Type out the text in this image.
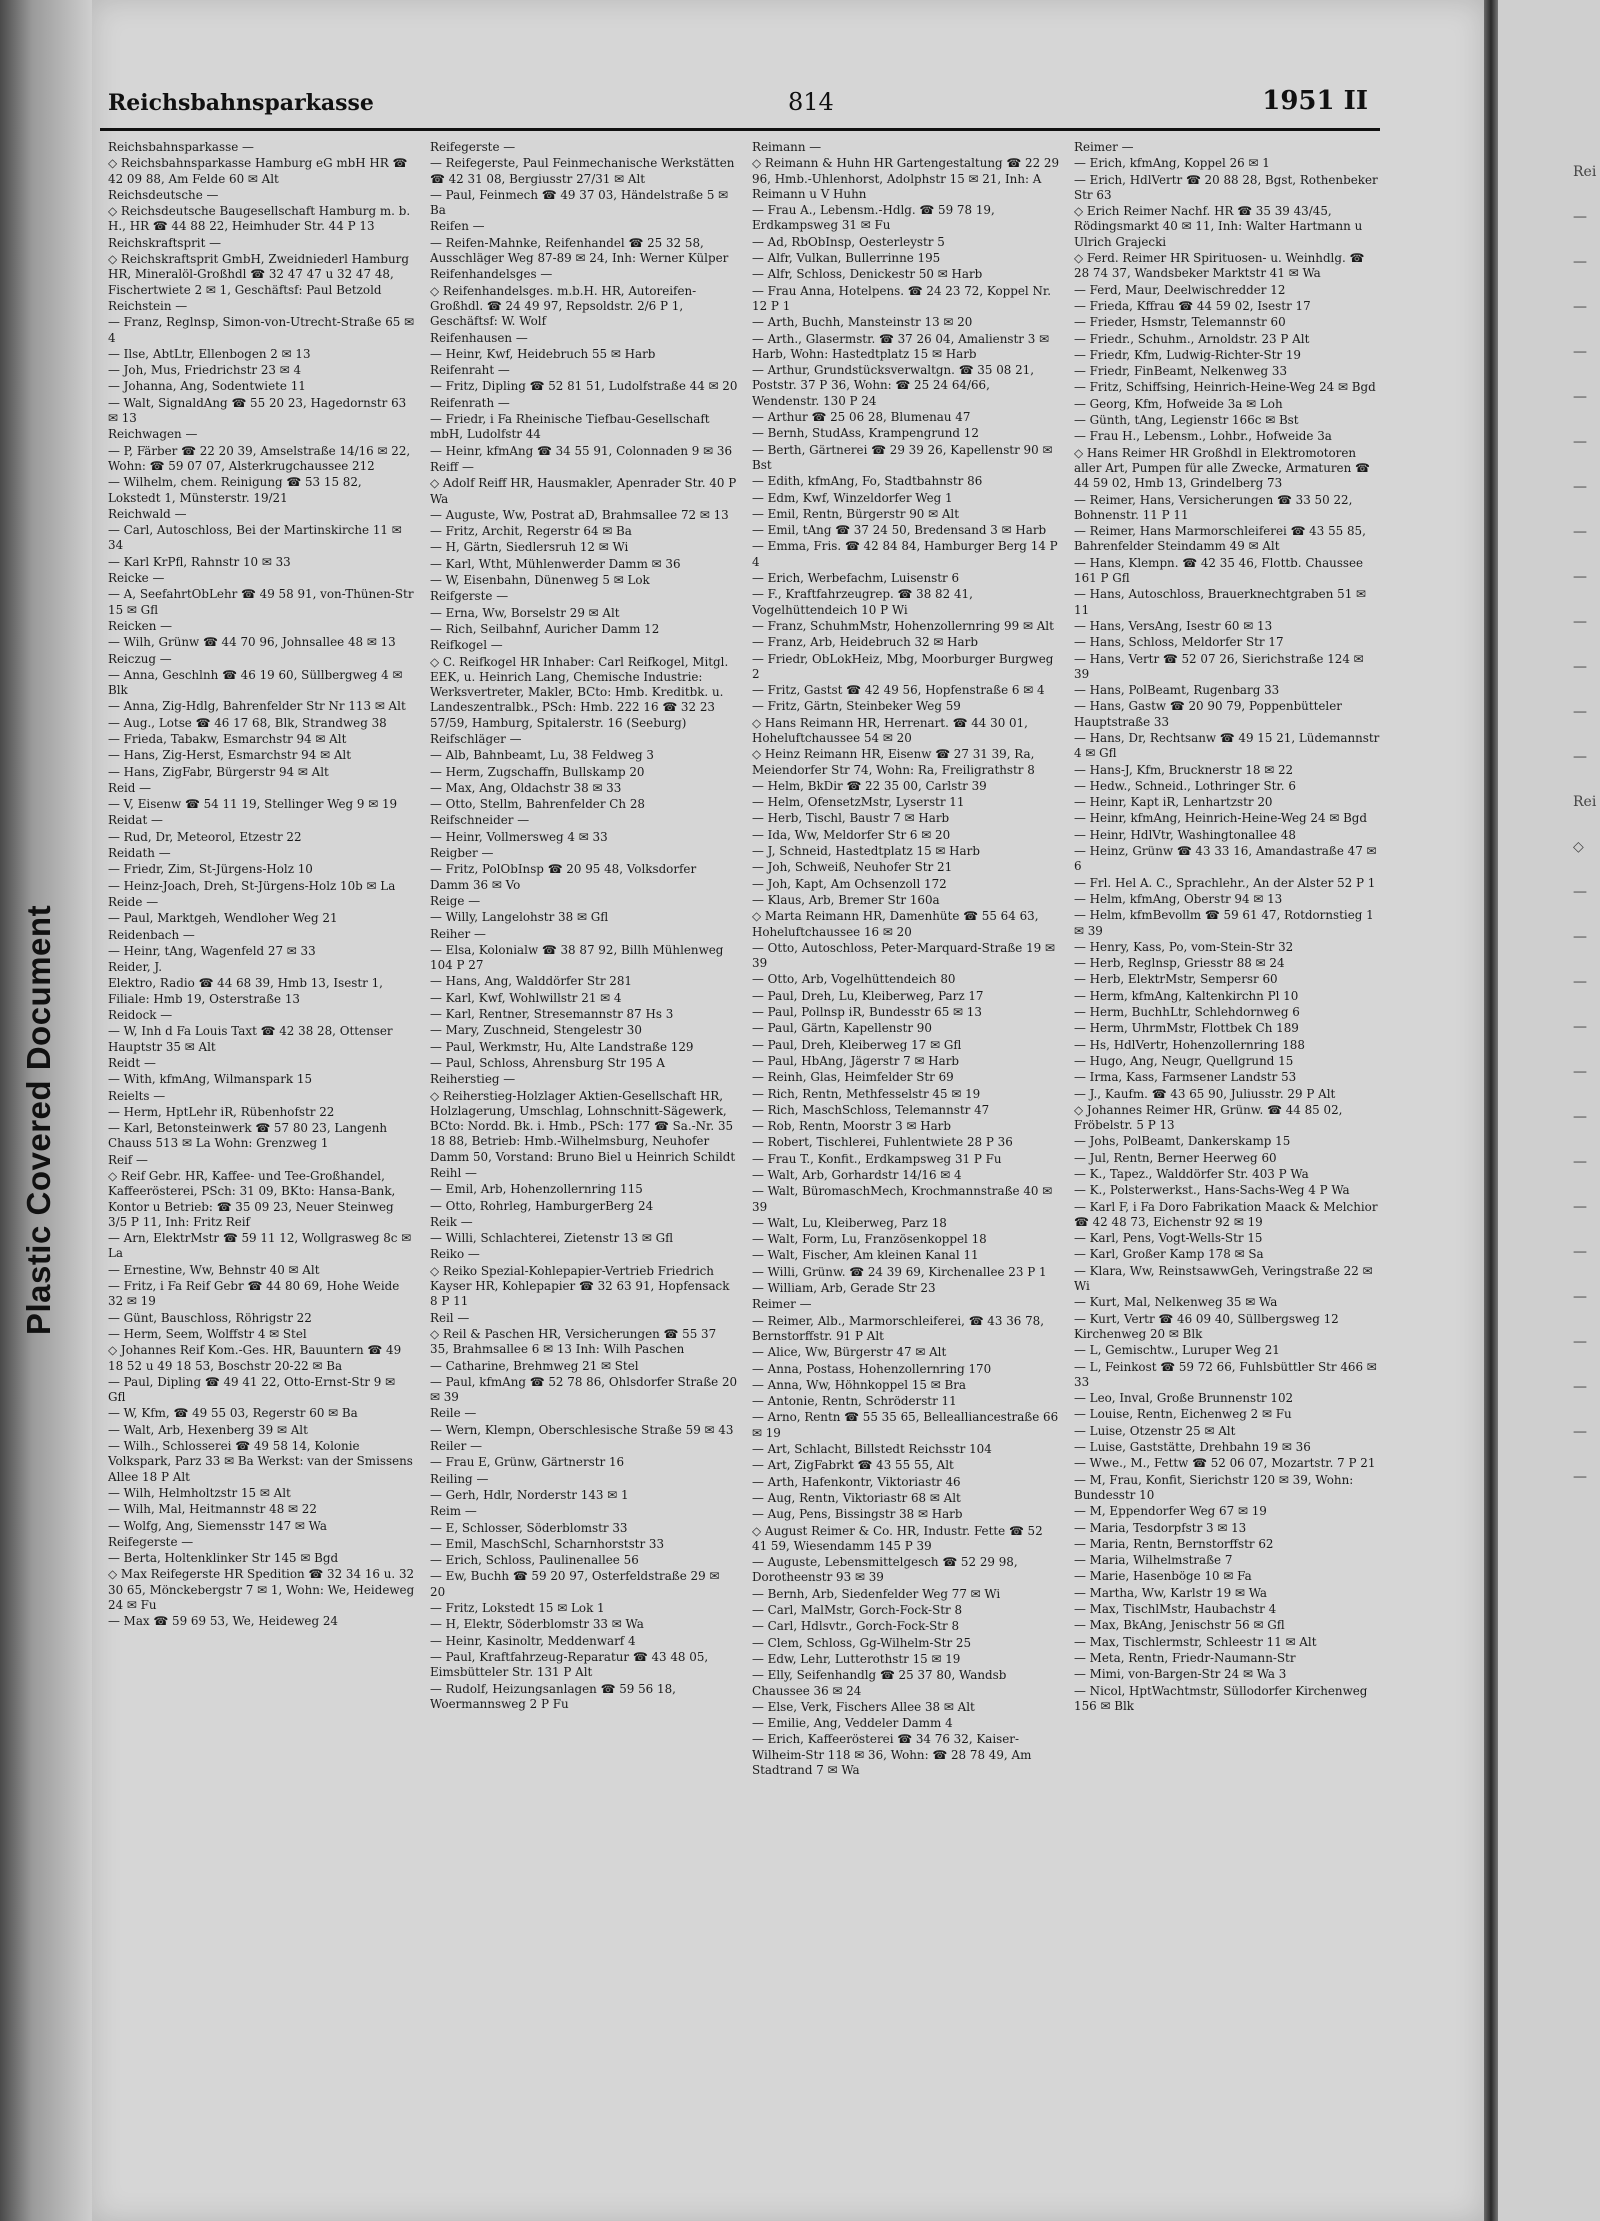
Plastic Covered Document
Rei
—
—
—
—
—
—
—
—
—
—
—
—
—
Rei
◇
—
—
—
—
—
—
—
—
—
—
—
—
—
—
Reichsbahnsparkasse	814	1951 II
Reichsbahnsparkasse —
◇ Reichsbahnsparkasse Hamburg eG mbH HR ☎ 42 09 88, Am Felde 60 ✉ Alt
Reichsdeutsche —
◇ Reichsdeutsche Baugesellschaft Hamburg m. b. H., HR ☎ 44 88 22, Heimhuder Str. 44 P 13
Reichskraftsprit —
◇ Reichskraftsprit GmbH, Zweidniederl Hamburg HR, Mineralöl-Großhdl ☎ 32 47 47 u 32 47 48, Fischertwiete 2 ✉ 1, Geschäftsf: Paul Betzold
Reichstein —
— Franz, Reglnsp, Simon-von-Utrecht-Straße 65 ✉ 4
— Ilse, AbtLtr, Ellenbogen 2 ✉ 13
— Joh, Mus, Friedrichstr 23 ✉ 4
— Johanna, Ang, Sodentwiete 11
— Walt, SignaldAng ☎ 55 20 23, Hagedornstr 63 ✉ 13
Reichwagen —
— P, Färber ☎ 22 20 39, Amselstraße 14/16 ✉ 22, Wohn: ☎ 59 07 07, Alsterkrugchaussee 212
— Wilhelm, chem. Reinigung ☎ 53 15 82, Lokstedt 1, Münsterstr. 19/21
Reichwald —
— Carl, Autoschloss, Bei der Martinskirche 11 ✉ 34
— Karl KrPfl, Rahnstr 10 ✉ 33
Reicke —
— A, SeefahrtObLehr ☎ 49 58 91, von-Thünen-Str 15 ✉ Gfl
Reicken —
— Wilh, Grünw ☎ 44 70 96, Johnsallee 48 ✉ 13
Reiczug —
— Anna, Geschlnh ☎ 46 19 60, Süllbergweg 4 ✉ Blk
— Anna, Zig-Hdlg, Bahrenfelder Str Nr 113 ✉ Alt
— Aug., Lotse ☎ 46 17 68, Blk, Strandweg 38
— Frieda, Tabakw, Esmarchstr 94 ✉ Alt
— Hans, Zig-Herst, Esmarchstr 94 ✉ Alt
— Hans, ZigFabr, Bürgerstr 94 ✉ Alt
Reid —
— V, Eisenw ☎ 54 11 19, Stellinger Weg 9 ✉ 19
Reidat —
— Rud, Dr, Meteorol, Etzestr 22
Reidath —
— Friedr, Zim, St-Jürgens-Holz 10
— Heinz-Joach, Dreh, St-Jürgens-Holz 10b ✉ La
Reide —
— Paul, Marktgeh, Wendloher Weg 21
Reidenbach —
— Heinr, tAng, Wagenfeld 27 ✉ 33
Reider, J.
Elektro, Radio ☎ 44 68 39, Hmb 13, Isestr 1, Filiale: Hmb 19, Osterstraße 13
Reidock —
— W, Inh d Fa Louis Taxt ☎ 42 38 28, Ottenser Hauptstr 35 ✉ Alt
Reidt —
— With, kfmAng, Wilmanspark 15
Reielts —
— Herm, HptLehr iR, Rübenhofstr 22
— Karl, Betonsteinwerk ☎ 57 80 23, Langenh Chauss 513 ✉ La Wohn: Grenzweg 1
Reif —
◇ Reif Gebr. HR, Kaffee- und Tee-Großhandel, Kaffeerösterei, PSch: 31 09, BKto: Hansa-Bank, Kontor u Betrieb: ☎ 35 09 23, Neuer Steinweg 3/5 P 11, Inh: Fritz Reif
— Arn, ElektrMstr ☎ 59 11 12, Wollgrasweg 8c ✉ La
— Ernestine, Ww, Behnstr 40 ✉ Alt
— Fritz, i Fa Reif Gebr ☎ 44 80 69, Hohe Weide 32 ✉ 19
— Günt, Bauschloss, Röhrigstr 22
— Herm, Seem, Wolffstr 4 ✉ Stel
◇ Johannes Reif Kom.-Ges. HR, Bauuntern ☎ 49 18 52 u 49 18 53, Boschstr 20-22 ✉ Ba
— Paul, Dipling ☎ 49 41 22, Otto-Ernst-Str 9 ✉ Gfl
— W, Kfm, ☎ 49 55 03, Regerstr 60 ✉ Ba
— Walt, Arb, Hexenberg 39 ✉ Alt
— Wilh., Schlosserei ☎ 49 58 14, Kolonie Volkspark, Parz 33 ✉ Ba Werkst: van der Smissens Allee 18 P Alt
— Wilh, Helmholtzstr 15 ✉ Alt
— Wilh, Mal, Heitmannstr 48 ✉ 22
— Wolfg, Ang, Siemensstr 147 ✉ Wa
Reifegerste —
— Berta, Holtenklinker Str 145 ✉ Bgd
◇ Max Reifegerste HR Spedition ☎ 32 34 16 u. 32 30 65, Mönckebergstr 7 ✉ 1, Wohn: We, Heideweg 24 ✉ Fu
— Max ☎ 59 69 53, We, Heideweg 24
Reifegerste —
— Reifegerste, Paul Feinmechanische Werkstätten ☎ 42 31 08, Bergiusstr 27/31 ✉ Alt
— Paul, Feinmech ☎ 49 37 03, Händelstraße 5 ✉ Ba
Reifen —
— Reifen-Mahnke, Reifenhandel ☎ 25 32 58, Ausschläger Weg 87-89 ✉ 24, Inh: Werner Külper
Reifenhandelsges —
◇ Reifenhandelsges. m.b.H. HR, Autoreifen-Großhdl. ☎ 24 49 97, Repsoldstr. 2/6 P 1, Geschäftsf: W. Wolf
Reifenhausen —
— Heinr, Kwf, Heidebruch 55 ✉ Harb
Reifenraht —
— Fritz, Dipling ☎ 52 81 51, Ludolfstraße 44 ✉ 20
Reifenrath —
— Friedr, i Fa Rheinische Tiefbau-Gesellschaft mbH, Ludolfstr 44
— Heinr, kfmAng ☎ 34 55 91, Colonnaden 9 ✉ 36
Reiff —
◇ Adolf Reiff HR, Hausmakler, Apenrader Str. 40 P Wa
— Auguste, Ww, Postrat aD, Brahmsallee 72 ✉ 13
— Fritz, Archit, Regerstr 64 ✉ Ba
— H, Gärtn, Siedlersruh 12 ✉ Wi
— Karl, Wtht, Mühlenwerder Damm ✉ 36
— W, Eisenbahn, Dünenweg 5 ✉ Lok
Reifgerste —
— Erna, Ww, Borselstr 29 ✉ Alt
— Rich, Seilbahnf, Auricher Damm 12
Reifkogel —
◇ C. Reifkogel HR Inhaber: Carl Reifkogel, Mitgl. EEK, u. Heinrich Lang, Chemische Industrie: Werksvertreter, Makler, BCto: Hmb. Kreditbk. u. Landeszentralbk., PSch: Hmb. 222 16 ☎ 32 23 57/59, Hamburg, Spitalerstr. 16 (Seeburg)
Reifschläger —
— Alb, Bahnbeamt, Lu, 38 Feldweg 3
— Herm, Zugschaffn, Bullskamp 20
— Max, Ang, Oldachstr 38 ✉ 33
— Otto, Stellm, Bahrenfelder Ch 28
Reifschneider —
— Heinr, Vollmersweg 4 ✉ 33
Reigber —
— Fritz, PolObInsp ☎ 20 95 48, Volksdorfer Damm 36 ✉ Vo
Reige —
— Willy, Langelohstr 38 ✉ Gfl
Reiher —
— Elsa, Kolonialw ☎ 38 87 92, Billh Mühlenweg 104 P 27
— Hans, Ang, Walddörfer Str 281
— Karl, Kwf, Wohlwillstr 21 ✉ 4
— Karl, Rentner, Stresemannstr 87 Hs 3
— Mary, Zuschneid, Stengelestr 30
— Paul, Werkmstr, Hu, Alte Landstraße 129
— Paul, Schloss, Ahrensburg Str 195 A
Reiherstieg —
◇ Reiherstieg-Holzlager Aktien-Gesellschaft HR, Holzlagerung, Umschlag, Lohnschnitt-Sägewerk, BCto: Nordd. Bk. i. Hmb., PSch: 177 ☎ Sa.-Nr. 35 18 88, Betrieb: Hmb.-Wilhelmsburg, Neuhofer Damm 50, Vorstand: Bruno Biel u Heinrich Schildt
Reihl —
— Emil, Arb, Hohenzollernring 115
— Otto, Rohrleg, HamburgerBerg 24
Reik —
— Willi, Schlachterei, Zietenstr 13 ✉ Gfl
Reiko —
◇ Reiko Spezial-Kohlepapier-Vertrieb Friedrich Kayser HR, Kohlepapier ☎ 32 63 91, Hopfensack 8 P 11
Reil —
◇ Reil & Paschen HR, Versicherungen ☎ 55 37 35, Brahmsallee 6 ✉ 13 Inh: Wilh Paschen
— Catharine, Brehmweg 21 ✉ Stel
— Paul, kfmAng ☎ 52 78 86, Ohlsdorfer Straße 20 ✉ 39
Reile —
— Wern, Klempn, Oberschlesische Straße 59 ✉ 43
Reiler —
— Frau E, Grünw, Gärtnerstr 16
Reiling —
— Gerh, Hdlr, Norderstr 143 ✉ 1
Reim —
— E, Schlosser, Söderblomstr 33
— Emil, MaschSchl, Scharnhorststr 33
— Erich, Schloss, Paulinenallee 56
— Ew, Buchh ☎ 59 20 97, Osterfeldstraße 29 ✉ 20
— Fritz, Lokstedt 15 ✉ Lok 1
— H, Elektr, Söderblomstr 33 ✉ Wa
— Heinr, Kasinoltr, Meddenwarf 4
— Paul, Kraftfahrzeug-Reparatur ☎ 43 48 05, Eimsbütteler Str. 131 P Alt
— Rudolf, Heizungsanlagen ☎ 59 56 18, Woermannsweg 2 P Fu
Reimann —
◇ Reimann & Huhn HR Gartengestaltung ☎ 22 29 96, Hmb.-Uhlenhorst, Adolphstr 15 ✉ 21, Inh: A Reimann u V Huhn
— Frau A., Lebensm.-Hdlg. ☎ 59 78 19, Erdkampsweg 31 ✉ Fu
— Ad, RbObInsp, Oesterleystr 5
— Alfr, Vulkan, Bullerrinne 195
— Alfr, Schloss, Denickestr 50 ✉ Harb
— Frau Anna, Hotelpens. ☎ 24 23 72, Koppel Nr. 12 P 1
— Arth, Buchh, Mansteinstr 13 ✉ 20
— Arth., Glasermstr. ☎ 37 26 04, Amalienstr 3 ✉ Harb, Wohn: Hastedtplatz 15 ✉ Harb
— Arthur, Grundstücksverwaltgn. ☎ 35 08 21, Poststr. 37 P 36, Wohn: ☎ 25 24 64/66, Wendenstr. 130 P 24
— Arthur ☎ 25 06 28, Blumenau 47
— Bernh, StudAss, Krampengrund 12
— Berth, Gärtnerei ☎ 29 39 26, Kapellenstr 90 ✉ Bst
— Edith, kfmAng, Fo, Stadtbahnstr 86
— Edm, Kwf, Winzeldorfer Weg 1
— Emil, Rentn, Bürgerstr 90 ✉ Alt
— Emil, tAng ☎ 37 24 50, Bredensand 3 ✉ Harb
— Emma, Fris. ☎ 42 84 84, Hamburger Berg 14 P 4
— Erich, Werbefachm, Luisenstr 6
— F., Kraftfahrzeugrep. ☎ 38 82 41, Vogelhüttendeich 10 P Wi
— Franz, SchuhmMstr, Hohenzollernring 99 ✉ Alt
— Franz, Arb, Heidebruch 32 ✉ Harb
— Friedr, ObLokHeiz, Mbg, Moorburger Burgweg 2
— Fritz, Gastst ☎ 42 49 56, Hopfenstraße 6 ✉ 4
— Fritz, Gärtn, Steinbeker Weg 59
◇ Hans Reimann HR, Herrenart. ☎ 44 30 01, Hoheluftchaussee 54 ✉ 20
◇ Heinz Reimann HR, Eisenw ☎ 27 31 39, Ra, Meiendorfer Str 74, Wohn: Ra, Freiligrathstr 8
— Helm, BkDir ☎ 22 35 00, Carlstr 39
— Helm, OfensetzMstr, Lyserstr 11
— Herb, Tischl, Baustr 7 ✉ Harb
— Ida, Ww, Meldorfer Str 6 ✉ 20
— J, Schneid, Hastedtplatz 15 ✉ Harb
— Joh, Schweiß, Neuhofer Str 21
— Joh, Kapt, Am Ochsenzoll 172
— Klaus, Arb, Bremer Str 160a
◇ Marta Reimann HR, Damenhüte ☎ 55 64 63, Hoheluftchaussee 16 ✉ 20
— Otto, Autoschloss, Peter-Marquard-Straße 19 ✉ 39
— Otto, Arb, Vogelhüttendeich 80
— Paul, Dreh, Lu, Kleiberweg, Parz 17
— Paul, Pollnsp iR, Bundesstr 65 ✉ 13
— Paul, Gärtn, Kapellenstr 90
— Paul, Dreh, Kleiberweg 17 ✉ Gfl
— Paul, HbAng, Jägerstr 7 ✉ Harb
— Reinh, Glas, Heimfelder Str 69
— Rich, Rentn, Methfesselstr 45 ✉ 19
— Rich, MaschSchloss, Telemannstr 47
— Rob, Rentn, Moorstr 3 ✉ Harb
— Robert, Tischlerei, Fuhlentwiete 28 P 36
— Frau T., Konfit., Erdkampsweg 31 P Fu
— Walt, Arb, Gorhardstr 14/16 ✉ 4
— Walt, BüromaschMech, Krochmannstraße 40 ✉ 39
— Walt, Lu, Kleiberweg, Parz 18
— Walt, Form, Lu, Französenkoppel 18
— Walt, Fischer, Am kleinen Kanal 11
— Willi, Grünw. ☎ 24 39 69, Kirchenallee 23 P 1
— William, Arb, Gerade Str 23
Reimer —
— Reimer, Alb., Marmorschleiferei, ☎ 43 36 78, Bernstorffstr. 91 P Alt
— Alice, Ww, Bürgerstr 47 ✉ Alt
— Anna, Postass, Hohenzollernring 170
— Anna, Ww, Höhnkoppel 15 ✉ Bra
— Antonie, Rentn, Schröderstr 11
— Arno, Rentn ☎ 55 35 65, Bellealliancestraße 66 ✉ 19
— Art, Schlacht, Billstedt Reichsstr 104
— Art, ZigFabrkt ☎ 43 55 55, Alt
— Arth, Hafenkontr, Viktoriastr 46
— Aug, Rentn, Viktoriastr 68 ✉ Alt
— Aug, Pens, Bissingstr 38 ✉ Harb
◇ August Reimer & Co. HR, Industr. Fette ☎ 52 41 59, Wiesendamm 145 P 39
— Auguste, Lebensmittelgesch ☎ 52 29 98, Dorotheenstr 93 ✉ 39
— Bernh, Arb, Siedenfelder Weg 77 ✉ Wi
— Carl, MalMstr, Gorch-Fock-Str 8
— Carl, Hdlsvtr., Gorch-Fock-Str 8
— Clem, Schloss, Gg-Wilhelm-Str 25
— Edw, Lehr, Lutterothstr 15 ✉ 19
— Elly, Seifenhandlg ☎ 25 37 80, Wandsb Chaussee 36 ✉ 24
— Else, Verk, Fischers Allee 38 ✉ Alt
— Emilie, Ang, Veddeler Damm 4
— Erich, Kaffeerösterei ☎ 34 76 32, Kaiser-Wilheim-Str 118 ✉ 36, Wohn: ☎ 28 78 49, Am Stadtrand 7 ✉ Wa
Reimer —
— Erich, kfmAng, Koppel 26 ✉ 1
— Erich, HdlVertr ☎ 20 88 28, Bgst, Rothenbeker Str 63
◇ Erich Reimer Nachf. HR ☎ 35 39 43/45, Rödingsmarkt 40 ✉ 11, Inh: Walter Hartmann u Ulrich Grajecki
◇ Ferd. Reimer HR Spirituosen- u. Weinhdlg. ☎ 28 74 37, Wandsbeker Marktstr 41 ✉ Wa
— Ferd, Maur, Deelwischredder 12
— Frieda, Kffrau ☎ 44 59 02, Isestr 17
— Frieder, Hsmstr, Telemannstr 60
— Friedr., Schuhm., Arnoldstr. 23 P Alt
— Friedr, Kfm, Ludwig-Richter-Str 19
— Friedr, FinBeamt, Nelkenweg 33
— Fritz, Schiffsing, Heinrich-Heine-Weg 24 ✉ Bgd
— Georg, Kfm, Hofweide 3a ✉ Loh
— Günth, tAng, Legienstr 166c ✉ Bst
— Frau H., Lebensm., Lohbr., Hofweide 3a
◇ Hans Reimer HR Großhdl in Elektromotoren aller Art, Pumpen für alle Zwecke, Armaturen ☎ 44 59 02, Hmb 13, Grindelberg 73
— Reimer, Hans, Versicherungen ☎ 33 50 22, Bohnenstr. 11 P 11
— Reimer, Hans Marmorschleiferei ☎ 43 55 85, Bahrenfelder Steindamm 49 ✉ Alt
— Hans, Klempn. ☎ 42 35 46, Flottb. Chaussee 161 P Gfl
— Hans, Autoschloss, Brauerknechtgraben 51 ✉ 11
— Hans, VersAng, Isestr 60 ✉ 13
— Hans, Schloss, Meldorfer Str 17
— Hans, Vertr ☎ 52 07 26, Sierichstraße 124 ✉ 39
— Hans, PolBeamt, Rugenbarg 33
— Hans, Gastw ☎ 20 90 79, Poppenbütteler Hauptstraße 33
— Hans, Dr, Rechtsanw ☎ 49 15 21, Lüdemannstr 4 ✉ Gfl
— Hans-J, Kfm, Brucknerstr 18 ✉ 22
— Hedw., Schneid., Lothringer Str. 6
— Heinr, Kapt iR, Lenhartzstr 20
— Heinr, kfmAng, Heinrich-Heine-Weg 24 ✉ Bgd
— Heinr, HdlVtr, Washingtonallee 48
— Heinz, Grünw ☎ 43 33 16, Amandastraße 47 ✉ 6
— Frl. Hel A. C., Sprachlehr., An der Alster 52 P 1
— Helm, kfmAng, Oberstr 94 ✉ 13
— Helm, kfmBevollm ☎ 59 61 47, Rotdornstieg 1 ✉ 39
— Henry, Kass, Po, vom-Stein-Str 32
— Herb, Reglnsp, Griesstr 88 ✉ 24
— Herb, ElektrMstr, Sempersr 60
— Herm, kfmAng, Kaltenkirchn Pl 10
— Herm, BuchhLtr, Schlehdornweg 6
— Herm, UhrmMstr, Flottbek Ch 189
— Hs, HdlVertr, Hohenzollernring 188
— Hugo, Ang, Neugr, Quellgrund 15
— Irma, Kass, Farmsener Landstr 53
— J., Kaufm. ☎ 43 65 90, Juliusstr. 29 P Alt
◇ Johannes Reimer HR, Grünw. ☎ 44 85 02, Fröbelstr. 5 P 13
— Johs, PolBeamt, Dankersk​amp 15
— Jul, Rentn, Berner Heerweg 60
— K., Tapez., Walddörfer Str. 403 P Wa
— K., Polsterwerkst., Hans-Sachs-Weg 4 P Wa
— Karl F, i Fa Doro Fabrikation Maack & Melchior ☎ 42 48 73, Eichenstr 92 ✉ 19
— Karl, Pens, Vogt-Wells-Str 15
— Karl, Großer Kamp 178 ✉ Sa
— Klara, Ww, ReinstsawwGeh, Veringstraße 22 ✉ Wi
— Kurt, Mal, Nelkenweg 35 ✉ Wa
— Kurt, Vertr ☎ 46 09 40, Süllbergsweg 12 Kirchenweg 20 ✉ Blk
— L, Gemischtw., Luruper Weg 21
— L, Feinkost ☎ 59 72 66, Fuhlsbüttler Str 466 ✉ 33
— Leo, Inval, Große Brunnenstr 102
— Louise, Rentn, Eichenweg 2 ✉ Fu
— Luise, Otzenstr 25 ✉ Alt
— Luise, Gaststätte, Drehbahn 19 ✉ 36
— Wwe., M., Fettw ☎ 52 06 07, Mozartstr. 7 P 21
— M, Frau, Konfit, Sierichstr 120 ✉ 39, Wohn: Bundesstr 10
— M, Eppendorfer Weg 67 ✉ 19
— Maria, Tesdorpfstr 3 ✉ 13
— Maria, Rentn, Bernstorffstr 62
— Maria, Wilhelmstraße 7
— Marie, Hasenböge 10 ✉ Fa
— Martha, Ww, Karlstr 19 ✉ Wa
— Max, TischlMstr, Haubachstr 4
— Max, BkAng, Jenischstr 56 ✉ Gfl
— Max, Tischlermstr, Schleestr 11 ✉ Alt
— Meta, Rentn, Friedr-Naumann-Str
— Mimi, von-Bargen-Str 24 ✉ Wa 3
— Nicol, HptWachtmstr, Süllodorfer Kirchenweg 156 ✉ Blk
